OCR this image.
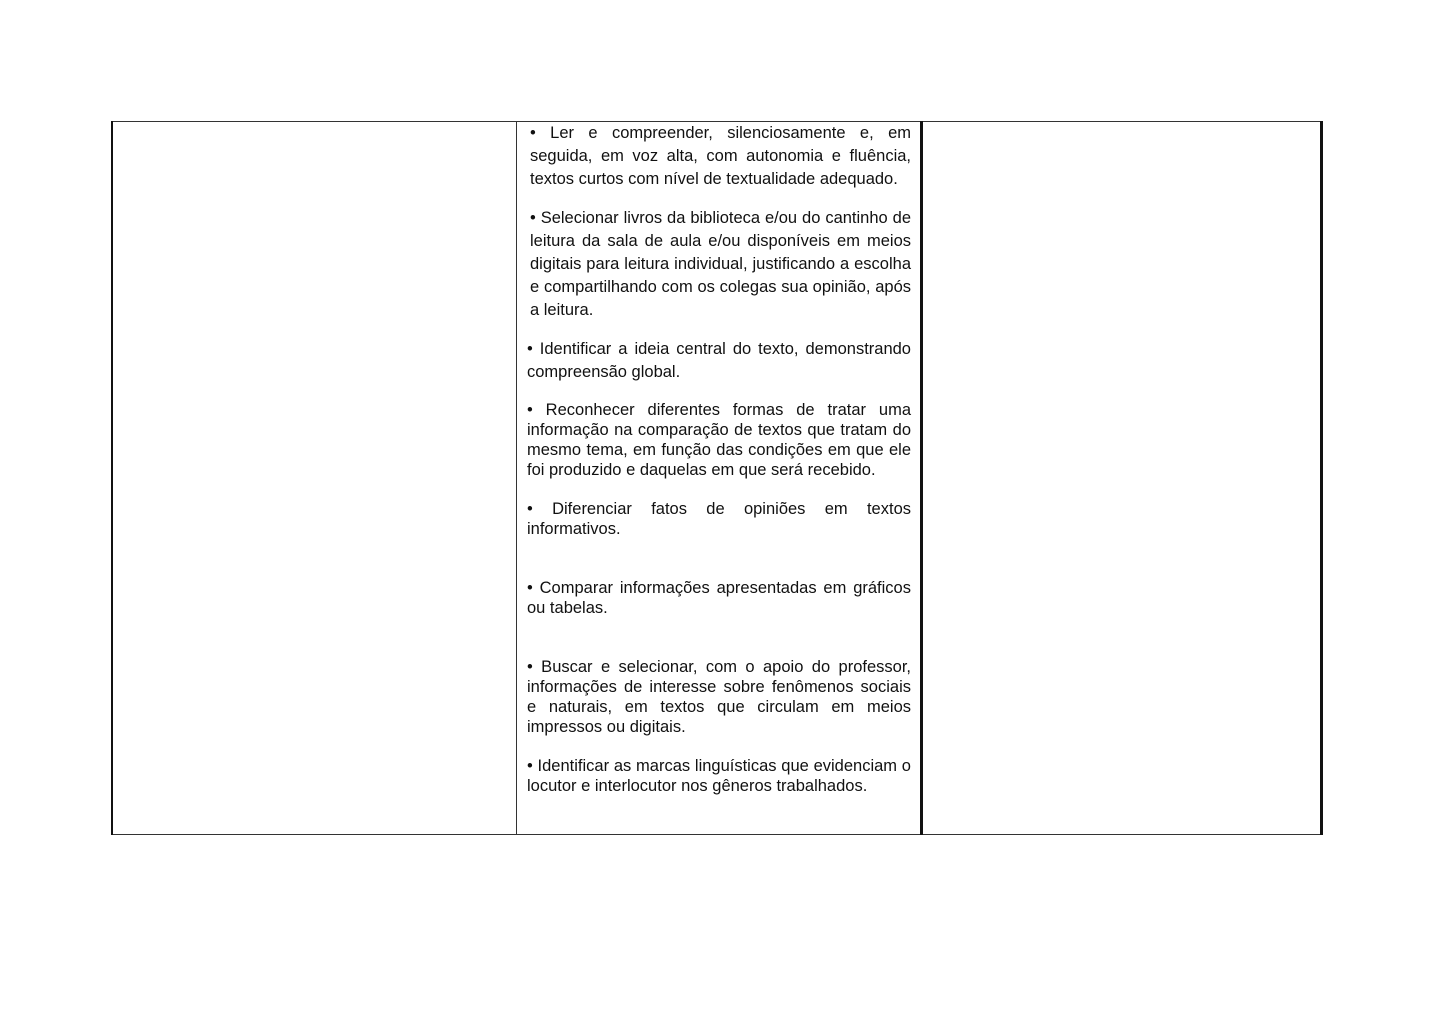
• Ler e compreender, silenciosamente e, em seguida, em voz alta, com autonomia e fluência, textos curtos com nível de textualidade adequado.

• Selecionar livros da biblioteca e/ou do cantinho de leitura da sala de aula e/ou disponíveis em meios digitais para leitura individual, justificando a escolha e compartilhando com os colegas sua opinião, após a leitura.

• Identificar a ideia central do texto, demonstrando compreensão global.

• Reconhecer diferentes formas de tratar uma informação na comparação de textos que tratam do mesmo tema, em função das condições em que ele foi produzido e daquelas em que será recebido.

• Diferenciar fatos de opiniões em textos informativos.

• Comparar informações apresentadas em gráficos ou tabelas.

• Buscar e selecionar, com o apoio do professor, informações de interesse sobre fenômenos sociais e naturais, em textos que circulam em meios impressos ou digitais.

• Identificar as marcas linguísticas que evidenciam o locutor e interlocutor nos gêneros trabalhados.
